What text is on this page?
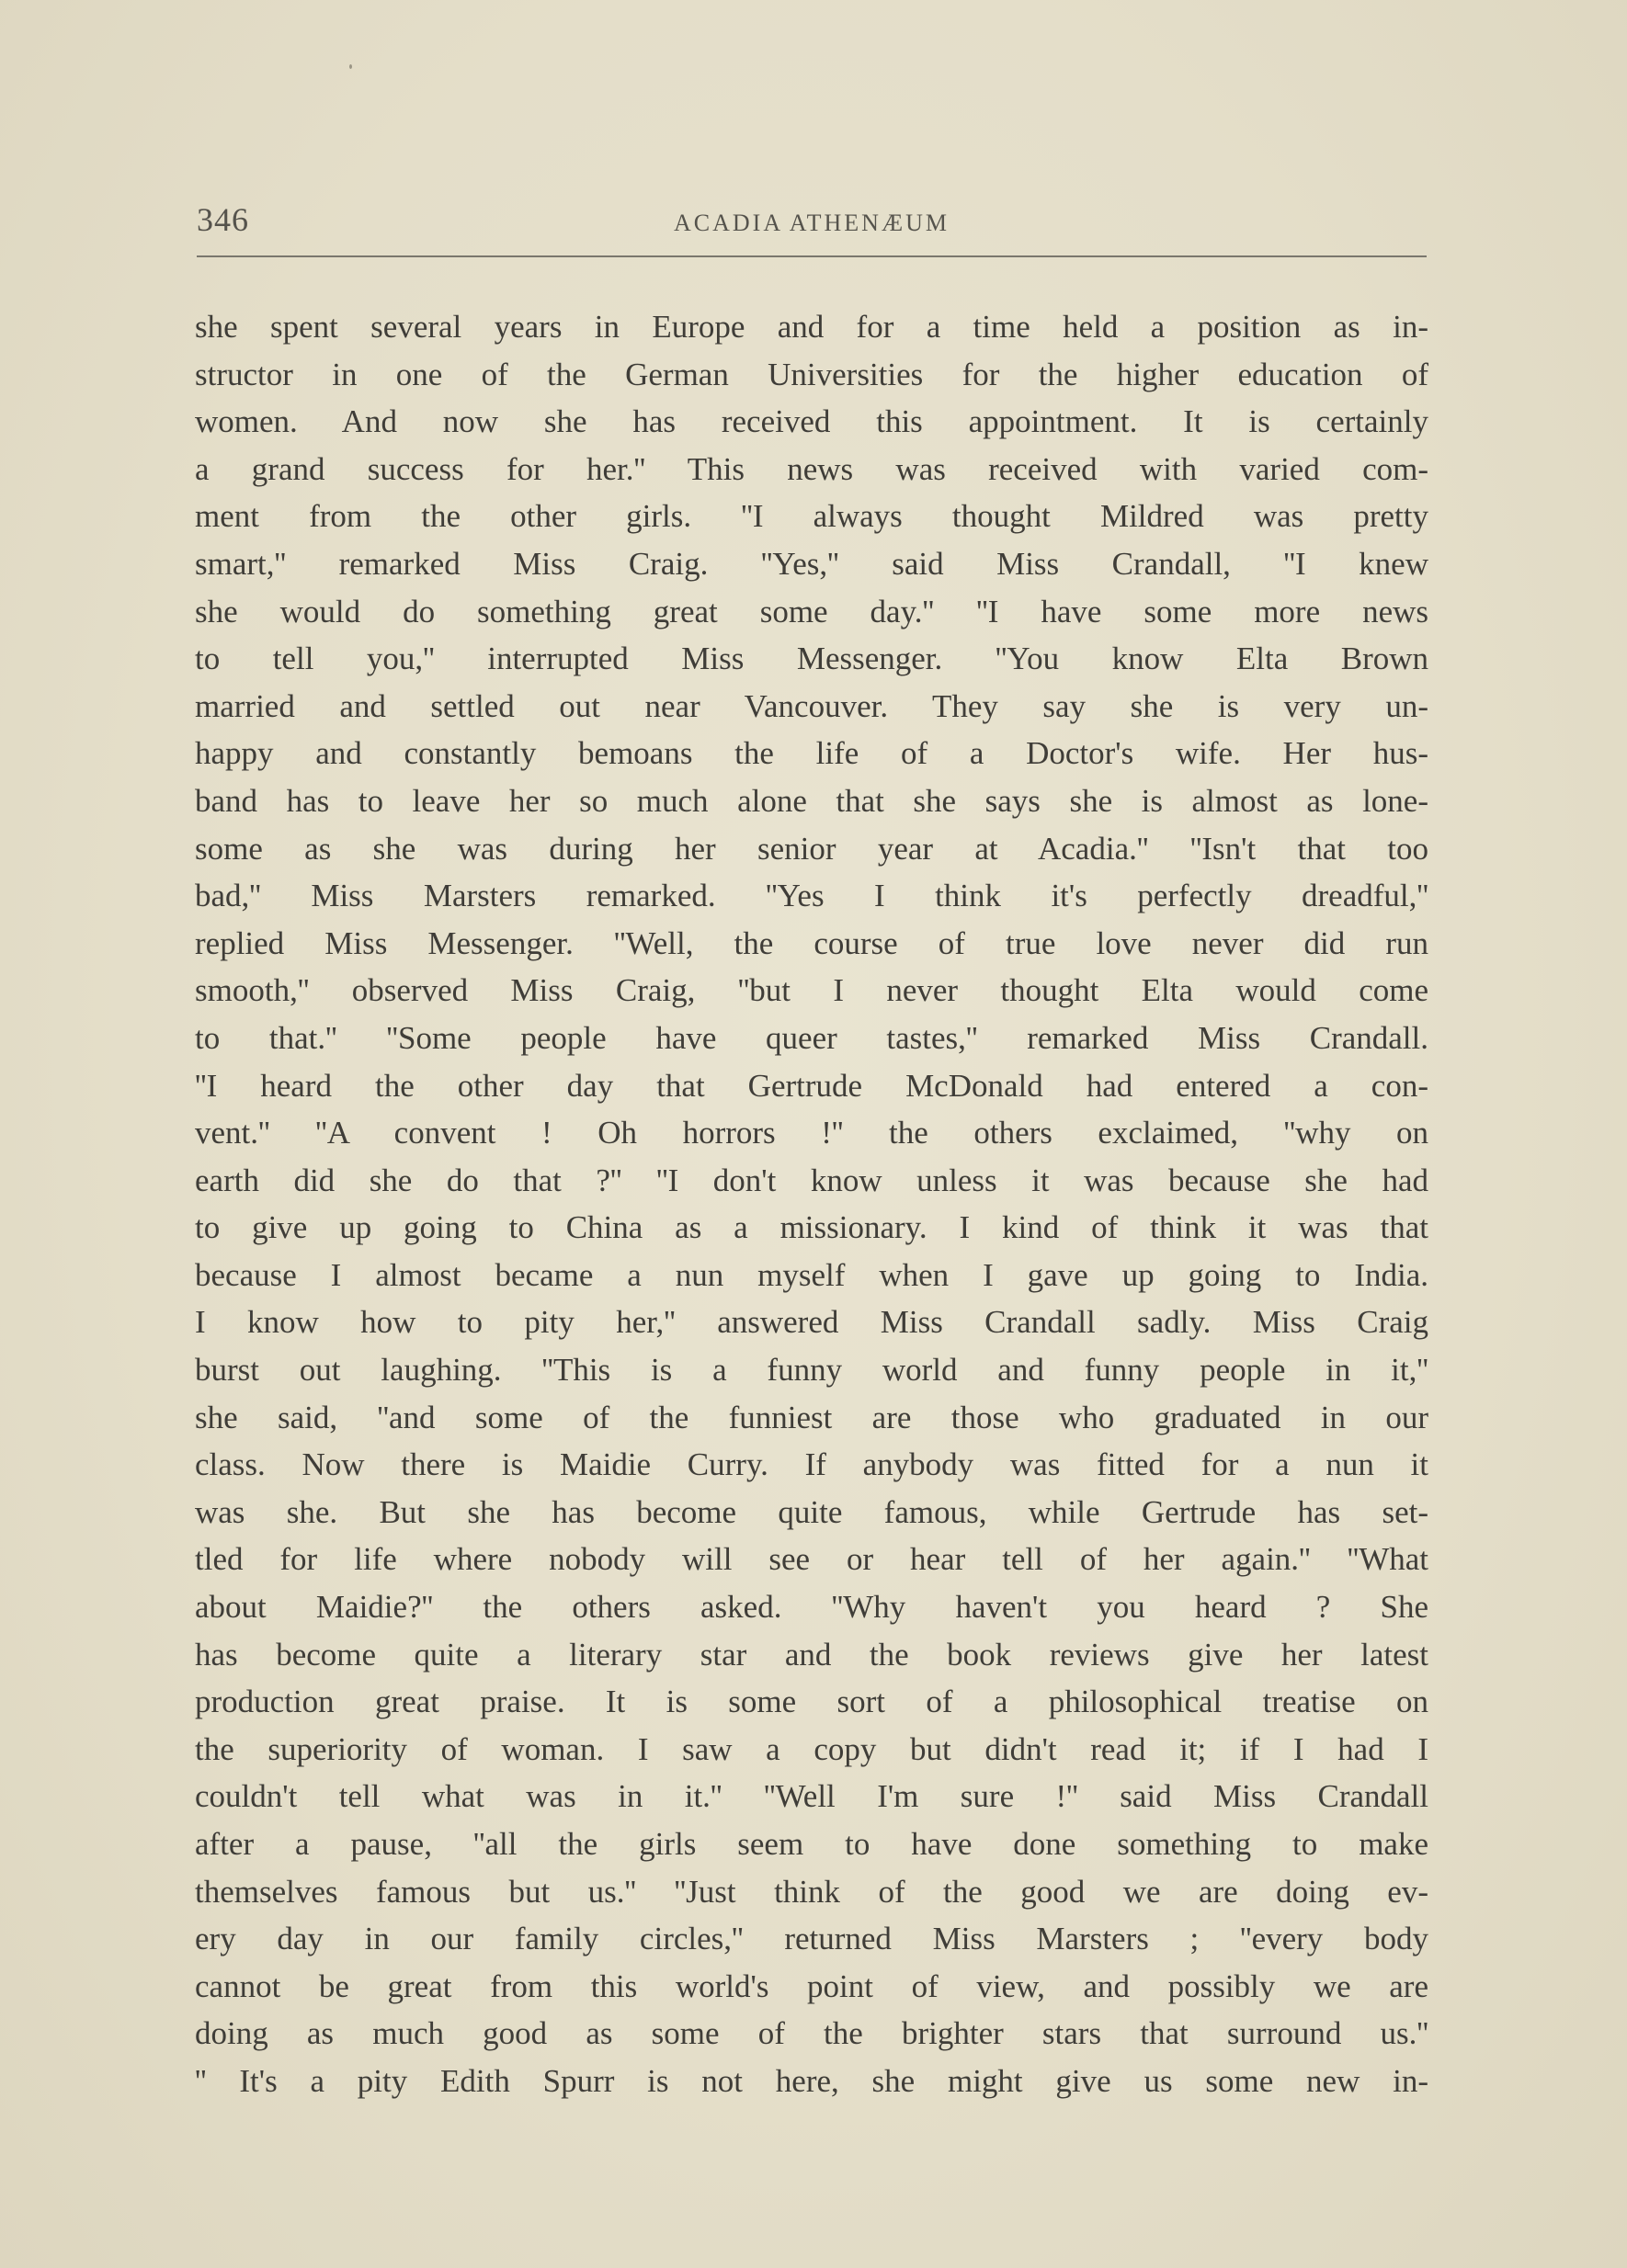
346	ACADIA ATHENÆUM
she spent several years in Europe and for a time held a position as in-
structor in one of the German Universities for the higher education of
women. And now she has received this appointment. It is certainly
a grand success for her.'' This news was received with varied com-
ment from the other girls. ''I always thought Mildred was pretty
smart,'' remarked Miss Craig. ''Yes,'' said Miss Crandall, ''I knew
she would do something great some day.'' ''I have some more news
to tell you,'' interrupted Miss Messenger. ''You know Elta Brown
married and settled out near Vancouver. They say she is very un-
happy and constantly bemoans the life of a Doctor's wife. Her hus-
band has to leave her so much alone that she says she is almost as lone-
some as she was during her senior year at Acadia.'' ''Isn't that too
bad,'' Miss Marsters remarked. ''Yes I think it's perfectly dreadful,''
replied Miss Messenger. ''Well, the course of true love never did run
smooth,'' observed Miss Craig, ''but I never thought Elta would come
to that.'' ''Some people have queer tastes,'' remarked Miss Crandall.
''I heard the other day that Gertrude McDonald had entered a con-
vent.'' ''A convent ! Oh horrors !'' the others exclaimed, ''why on
earth did she do that ?'' ''I don't know unless it was because she had
to give up going to China as a missionary. I kind of think it was that
because I almost became a nun myself when I gave up going to India.
I know how to pity her,'' answered Miss Crandall sadly. Miss Craig
burst out laughing. ''This is a funny world and funny people in it,''
she said, ''and some of the funniest are those who graduated in our
class. Now there is Maidie Curry. If anybody was fitted for a nun it
was she. But she has become quite famous, while Gertrude has set-
tled for life where nobody will see or hear tell of her again.'' ''What
about Maidie?'' the others asked. ''Why haven't you heard ? She
has become quite a literary star and the book reviews give her latest
production great praise. It is some sort of a philosophical treatise on
the superiority of woman. I saw a copy but didn't read it; if I had I
couldn't tell what was in it.'' ''Well I'm sure !'' said Miss Crandall
after a pause, ''all the girls seem to have done something to make
themselves famous but us.'' ''Just think of the good we are doing ev-
ery day in our family circles,'' returned Miss Marsters ; ''every body
cannot be great from this world's point of view, and possibly we are
doing as much good as some of the brighter stars that surround us.''
'' It's a pity Edith Spurr is not here, she might give us some new in-
